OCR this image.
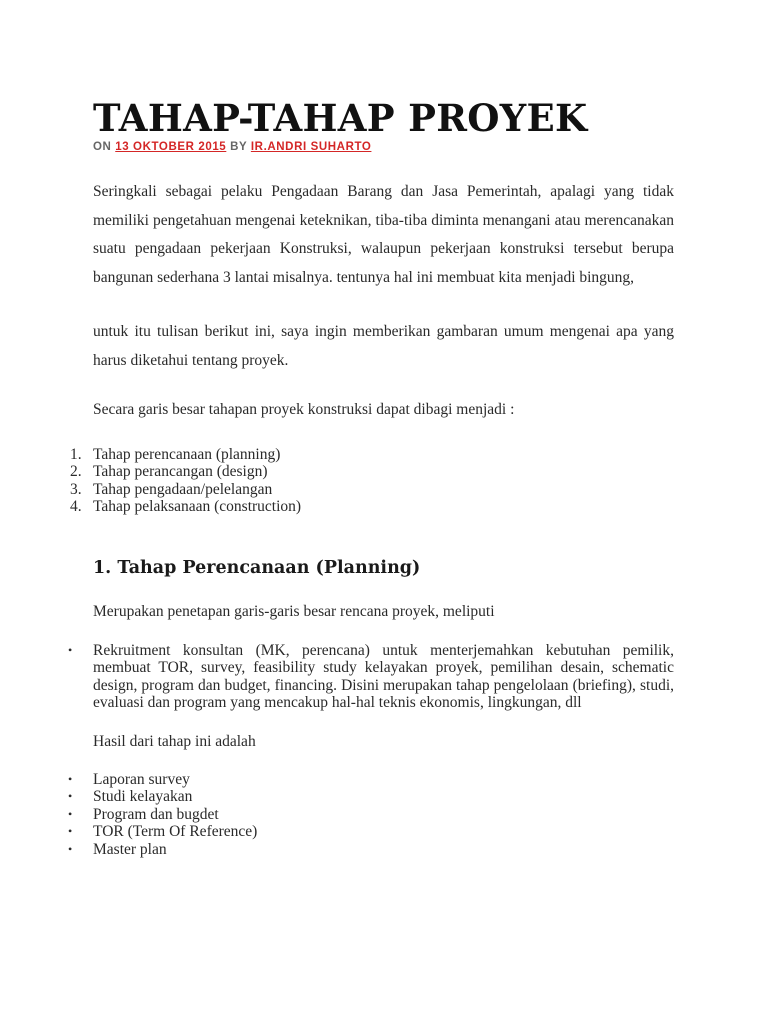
TAHAP-TAHAP PROYEK
ON 13 OKTOBER 2015 BY IR.ANDRI SUHARTO

Seringkali sebagai pelaku Pengadaan Barang dan Jasa Pemerintah, apalagi yang tidak memiliki pengetahuan mengenai keteknikan, tiba-tiba diminta menangani atau merencanakan suatu pengadaan pekerjaan Konstruksi, walaupun pekerjaan konstruksi tersebut berupa bangunan sederhana 3 lantai misalnya. tentunya hal ini membuat kita menjadi bingung,

untuk itu tulisan berikut ini, saya ingin memberikan gambaran umum mengenai apa yang harus diketahui tentang proyek.

Secara garis besar tahapan proyek konstruksi dapat dibagi menjadi :

1. Tahap perencanaan (planning)
2. Tahap perancangan (design)
3. Tahap pengadaan/pelelangan
4. Tahap pelaksanaan (construction)
1. Tahap Perencanaan (Planning)

Merupakan penetapan garis-garis besar rencana proyek, meliputi

• Rekruitment konsultan (MK, perencana) untuk menterjemahkan kebutuhan pemilik, membuat TOR, survey, feasibility study kelayakan proyek, pemilihan desain, schematic design, program dan budget, financing. Disini merupakan tahap pengelolaan (briefing), studi, evaluasi dan program yang mencakup hal-hal teknis ekonomis, lingkungan, dll

Hasil dari tahap ini adalah

• Laporan survey
• Studi kelayakan
• Program dan bugdet
• TOR (Term Of Reference)
• Master plan
